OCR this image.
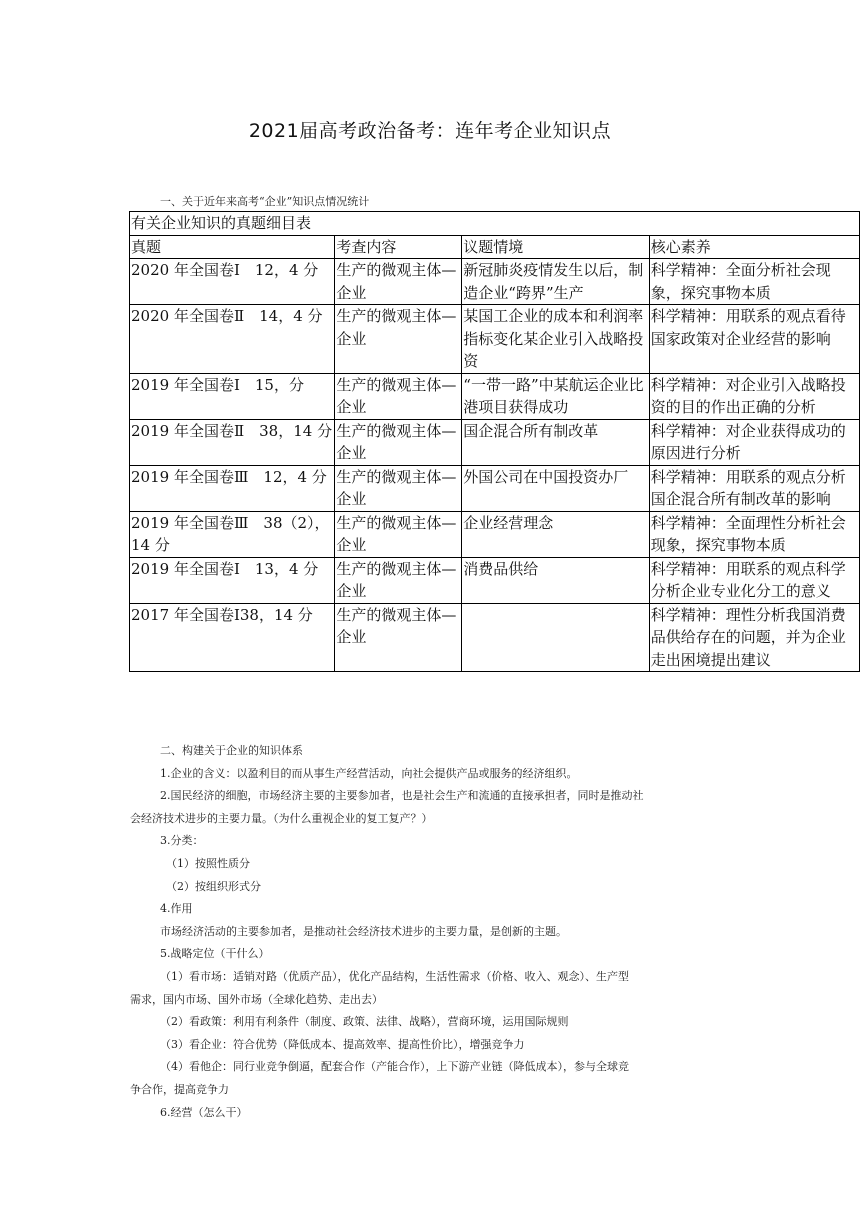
2021届高考政治备考：连年考企业知识点
一、关于近年来高考“企业”知识点情况统计
有关企业知识的真题细目表			
真题	考查内容	议题情境	核心素养
2020 年全国卷Ⅰ　12，4 分	生产的微观主体—企业	新冠肺炎疫情发生以后，制造企业“跨界”生产	科学精神：全面分析社会现象，探究事物本质
2020 年全国卷Ⅱ　14，4 分	生产的微观主体—企业	某国工企业的成本和利润率指标变化某企业引入战略投资	科学精神：用联系的观点看待国家政策对企业经营的影响
2019 年全国卷Ⅰ　15，分	生产的微观主体—企业	“一带一路”中某航运企业比港项目获得成功	科学精神：对企业引入战略投资的目的作出正确的分析
2019 年全国卷Ⅱ　38，14 分	生产的微观主体—企业	国企混合所有制改革	科学精神：对企业获得成功的原因进行分析
2019 年全国卷Ⅲ　12，4 分	生产的微观主体—企业	外国公司在中国投资办厂	科学精神：用联系的观点分析国企混合所有制改革的影响
2019 年全国卷Ⅲ　38（2），14 分	生产的微观主体—企业	企业经营理念	科学精神：全面理性分析社会现象，探究事物本质
2019 年全国卷Ⅰ　13，4 分	生产的微观主体—企业	消费品供给	科学精神：用联系的观点科学分析企业专业化分工的意义
2017 年全国卷Ⅰ38，14 分	生产的微观主体—企业		科学精神：理性分析我国消费品供给存在的问题，并为企业走出困境提出建议

二、构建关于企业的知识体系

1.企业的含义：以盈利目的而从事生产经营活动，向社会提供产品或服务的经济组织。

2.国民经济的细胞，市场经济主要的主要参加者，也是社会生产和流通的直接承担者，同时是推动社

会经济技术进步的主要力量。（为什么重视企业的复工复产？）

3.分类：

（1）按照性质分

（2）按组织形式分

4.作用

市场经济活动的主要参加者，是推动社会经济技术进步的主要力量，是创新的主题。

5.战略定位（干什么）

（1）看市场：适销对路（优质产品），优化产品结构，生活性需求（价格、收入、观念）、生产型

需求，国内市场、国外市场（全球化趋势、走出去）

（2）看政策：利用有利条件（制度、政策、法律、战略），营商环境，运用国际规则

（3）看企业：符合优势（降低成本、提高效率、提高性价比），增强竞争力

（4）看他企：同行业竞争倒逼，配套合作（产能合作），上下游产业链（降低成本），参与全球竞

争合作，提高竞争力

6.经营（怎么干）
